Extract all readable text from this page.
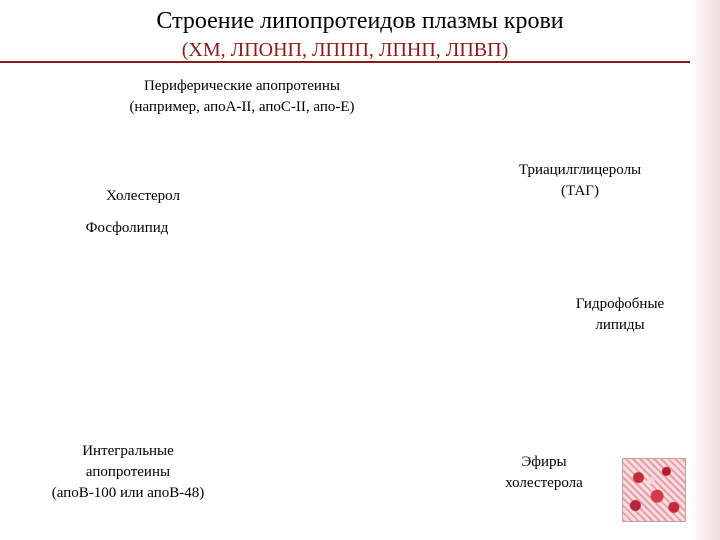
Строение липопротеидов плазмы крови
(ХМ, ЛПОНП, ЛППП, ЛПНП, ЛПВП)
Периферические апопротеины
(например, апоА-II, апоС-II, апо-Е)
Холестерол
Фосфолипид
Триацилглицеролы
(ТАГ)
Гидрофобные
липиды
Интегральные
апопротеины
(апоВ-100 или апоВ-48)
Эфиры
холестерола
